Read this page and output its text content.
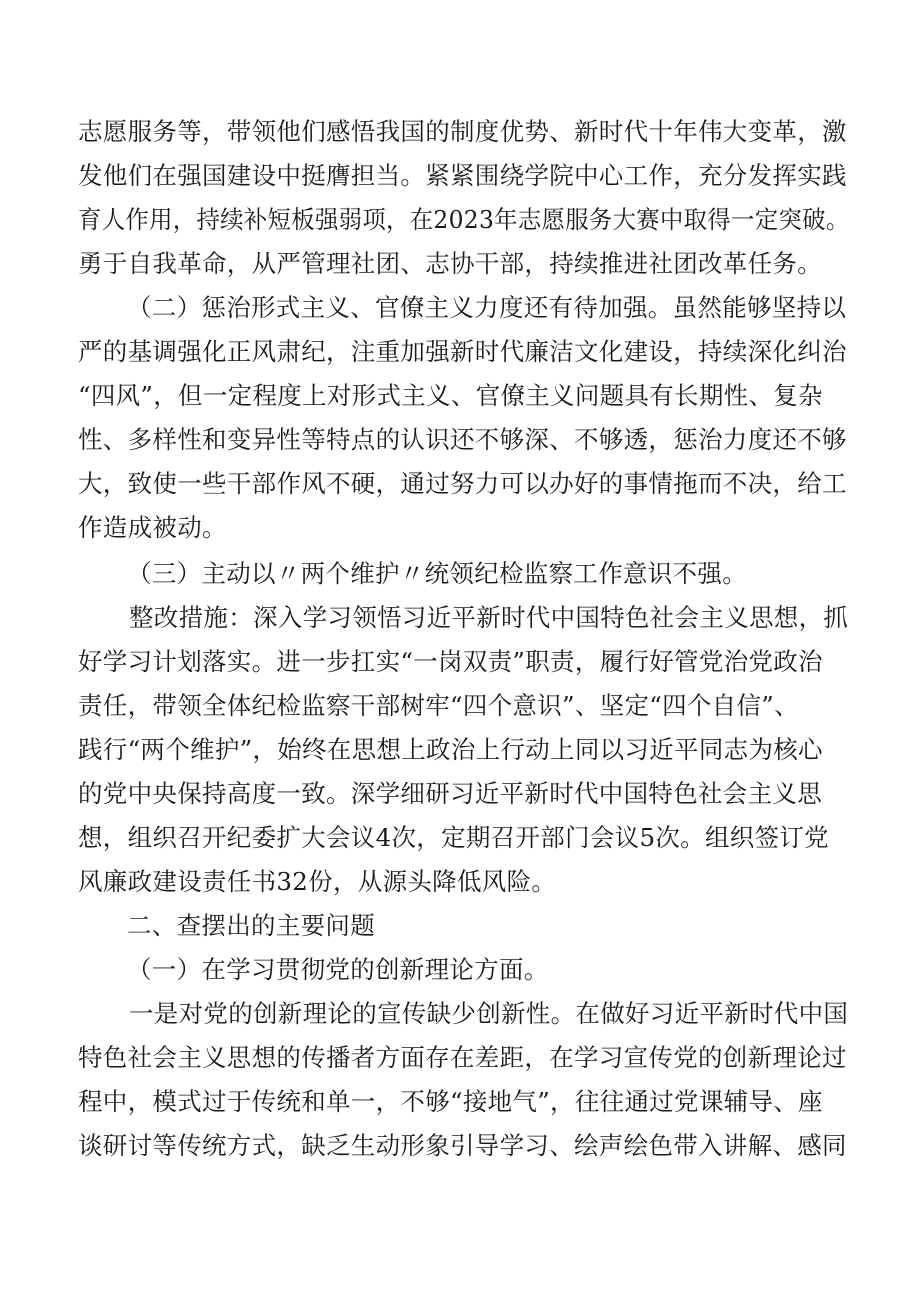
志愿服务等，带领他们感悟我国的制度优势、新时代十年伟大变革，激
发他们在强国建设中挺膺担当。紧紧围绕学院中心工作，充分发挥实践
育人作用，持续补短板强弱项，在2023年志愿服务大赛中取得一定突破。
勇于自我革命，从严管理社团、志协干部，持续推进社团改革任务。
（二）惩治形式主义、官僚主义力度还有待加强。虽然能够坚持以
严的基调强化正风肃纪，注重加强新时代廉洁文化建设，持续深化纠治
“四风”，但一定程度上对形式主义、官僚主义问题具有长期性、复杂
性、多样性和变异性等特点的认识还不够深、不够透，惩治力度还不够
大，致使一些干部作风不硬，通过努力可以办好的事情拖而不决，给工
作造成被动。
（三）主动以〃两个维护〃统领纪检监察工作意识不强。
整改措施：深入学习领悟习近平新时代中国特色社会主义思想，抓
好学习计划落实。进一步扛实“一岗双责”职责，履行好管党治党政治
责任，带领全体纪检监察干部树牢“四个意识”、坚定“四个自信”、
践行“两个维护”，始终在思想上政治上行动上同以习近平同志为核心
的党中央保持高度一致。深学细研习近平新时代中国特色社会主义思
想，组织召开纪委扩大会议4次，定期召开部门会议5次。组织签订党
风廉政建设责任书32份，从源头降低风险。
二、查摆出的主要问题
（一）在学习贯彻党的创新理论方面。
一是对党的创新理论的宣传缺少创新性。在做好习近平新时代中国
特色社会主义思想的传播者方面存在差距，在学习宣传党的创新理论过
程中，模式过于传统和单一，不够“接地气”，往往通过党课辅导、座
谈研讨等传统方式，缺乏生动形象引导学习、绘声绘色带入讲解、感同
